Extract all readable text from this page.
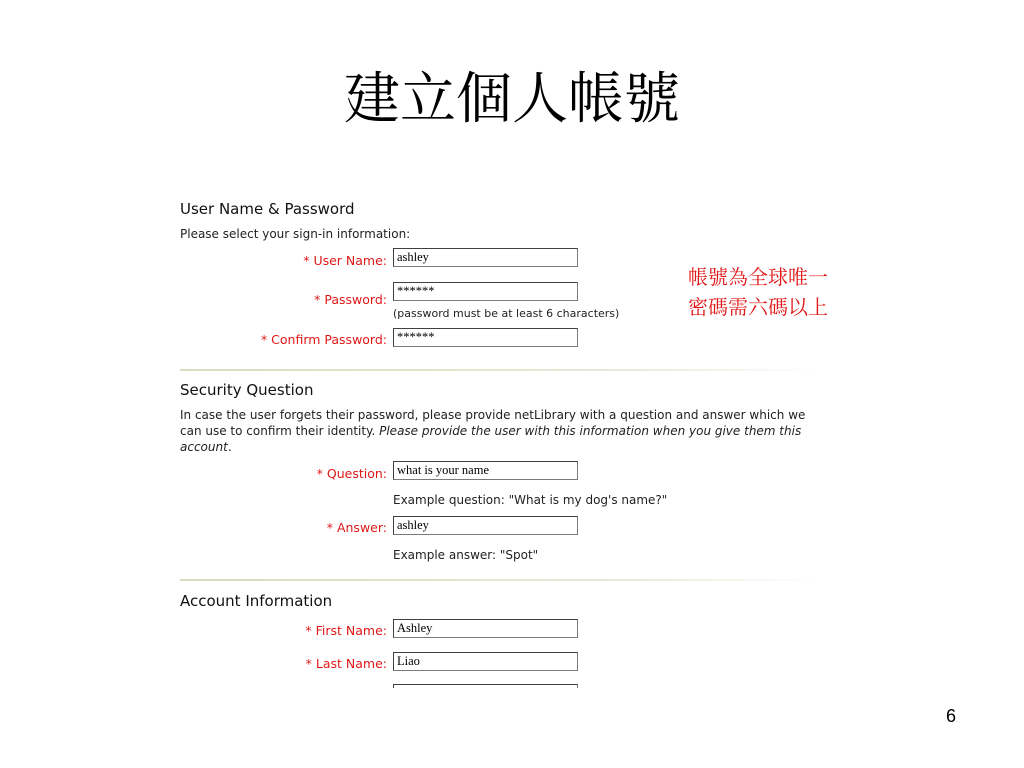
建立個人帳號
User Name & Password
Please select your sign-in information:
* User Name:
ashley
* Password:
******
(password must be at least 6 characters)
* Confirm Password:
******
Security Question
In case the user forgets their password, please provide netLibrary with a question and answer which we can use to confirm their identity. Please provide the user with this information when you give them this account.
* Question:
what is your name
Example question: "What is my dog's name?"
* Answer:
ashley
Example answer: "Spot"
Account Information
* First Name:
Ashley
* Last Name:
Liao
帳號為全球唯一
密碼需六碼以上
6
